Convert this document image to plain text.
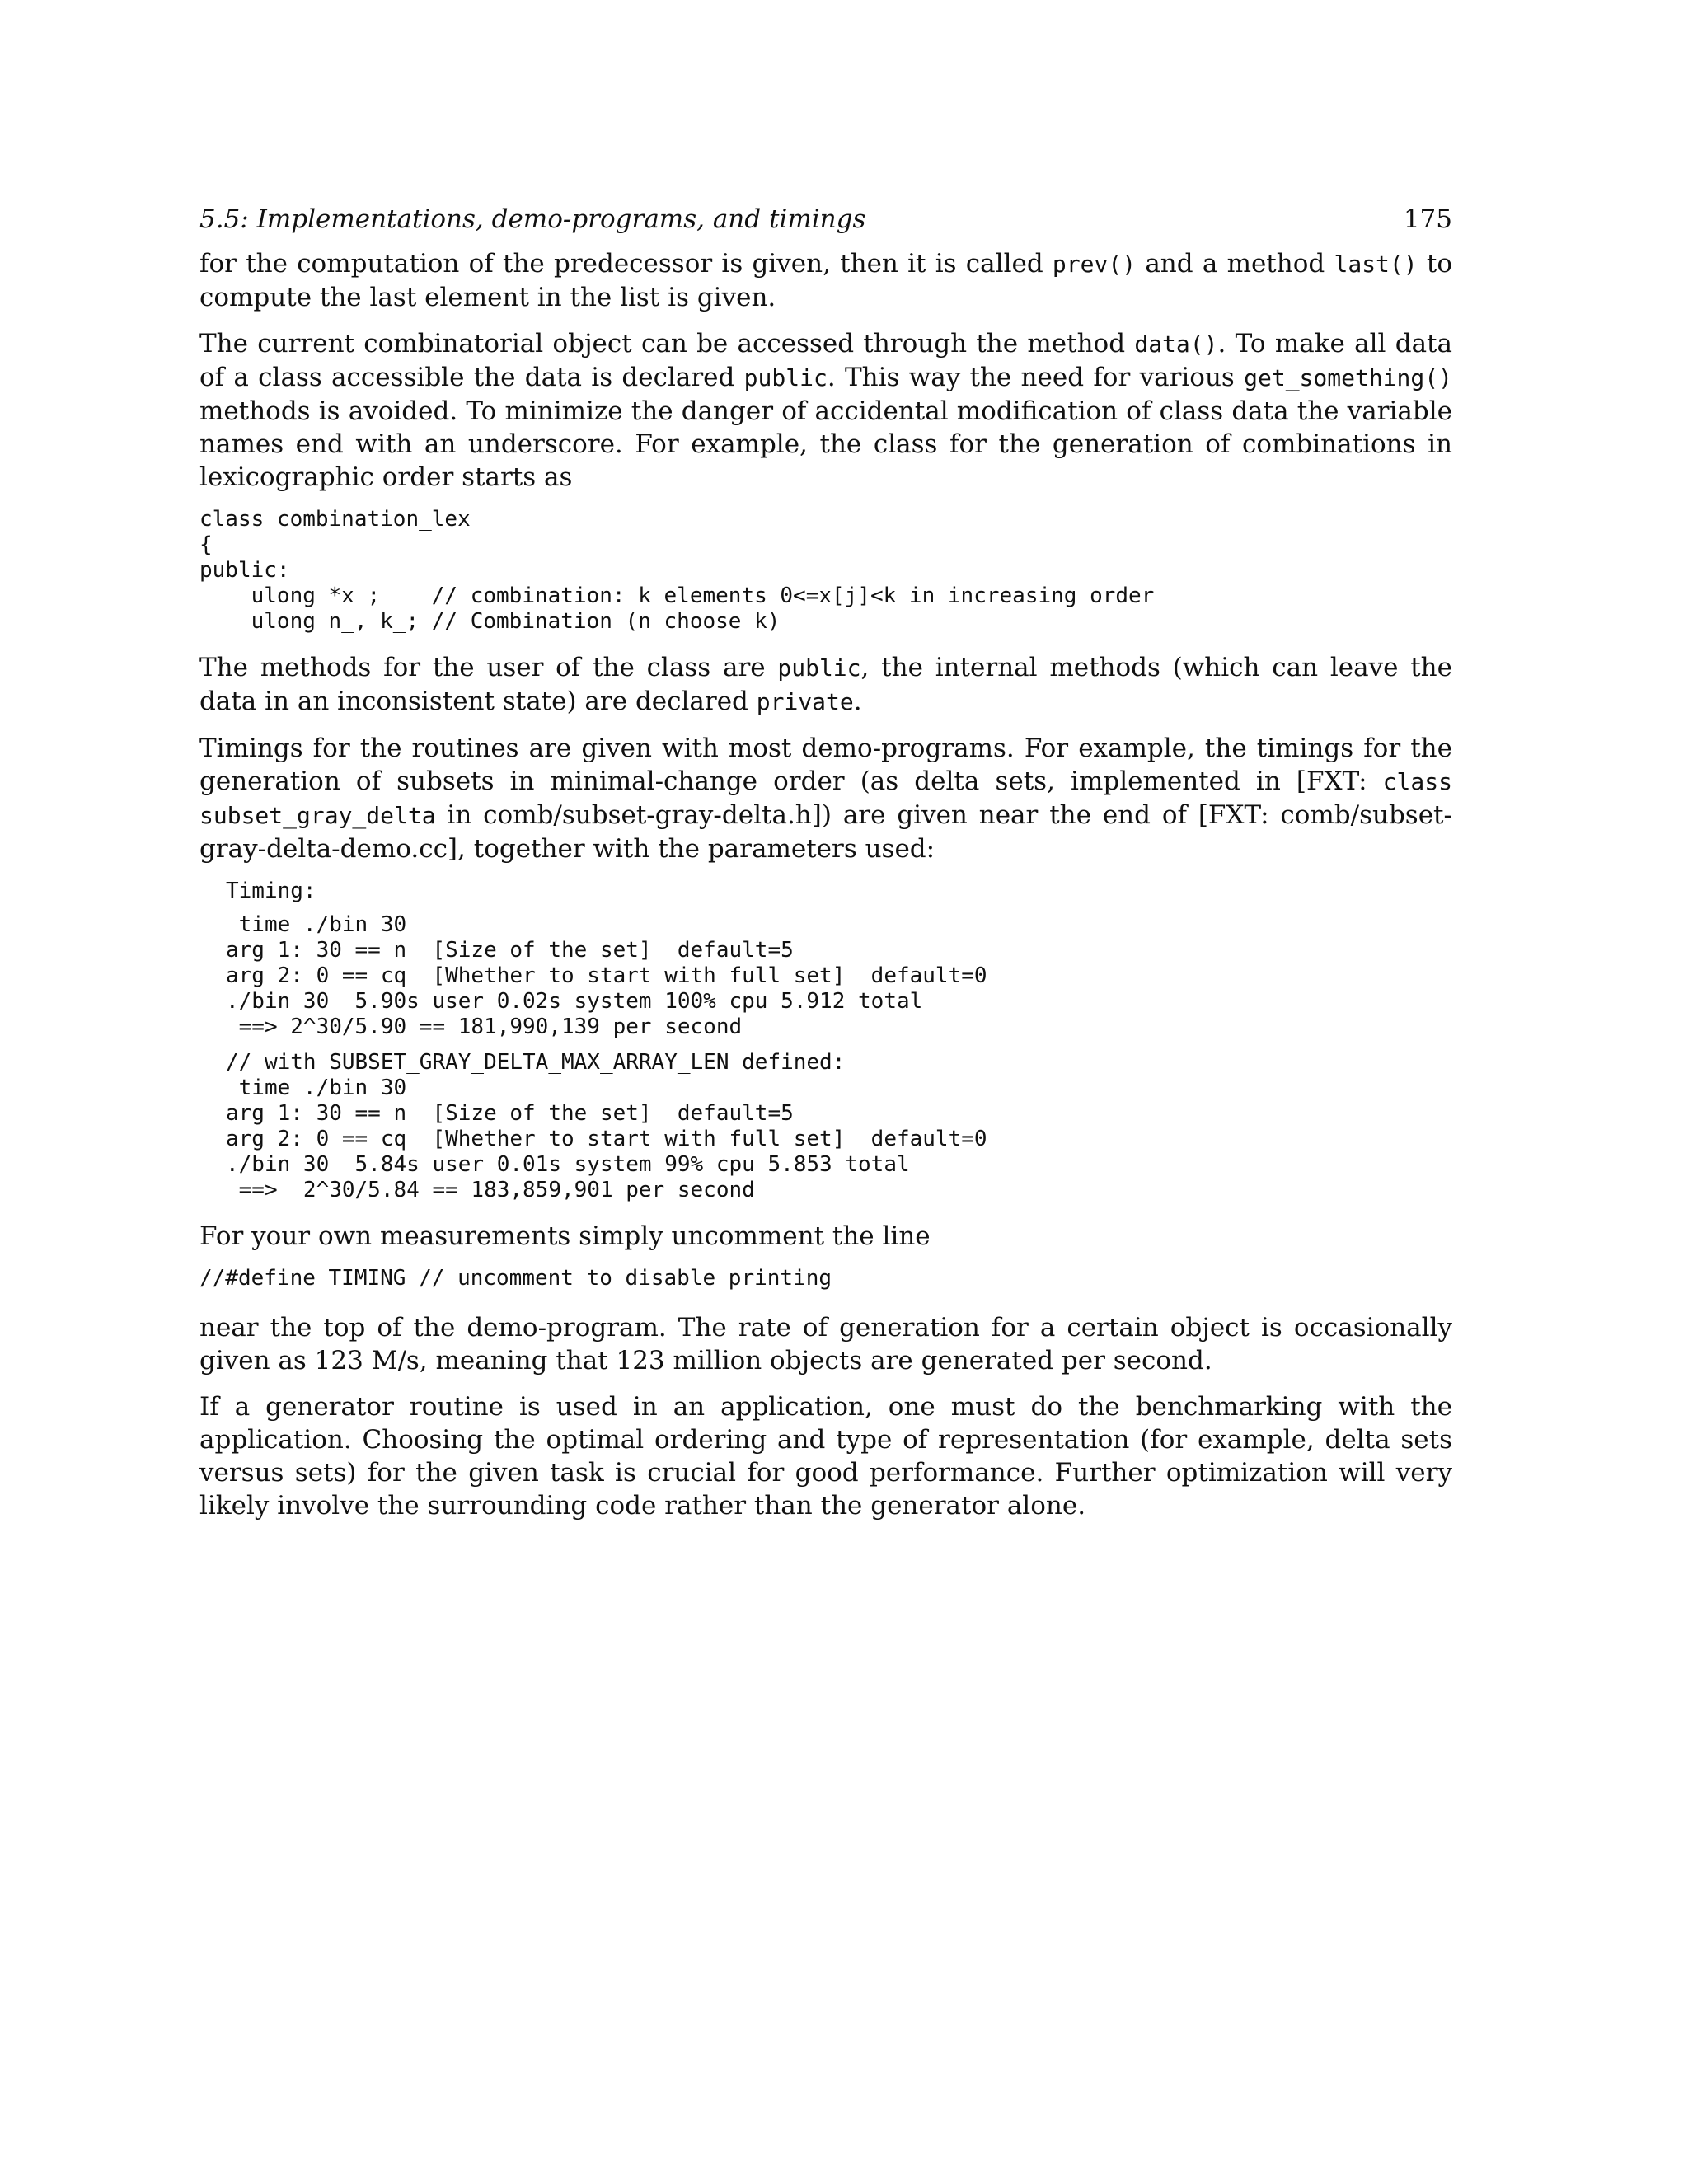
5.5: Implementations, demo-programs, and timings	175

for the computation of the predecessor is given, then it is called prev() and a method last() to compute the last element in the list is given.

The current combinatorial object can be accessed through the method data(). To make all data of a class accessible the data is declared public. This way the need for various get_something() methods is avoided. To minimize the danger of accidental modification of class data the variable names end with an underscore. For example, the class for the generation of combinations in lexicographic order starts as

class combination_lex
{
public:
ulong *x_;    // combination: k elements 0<=x[j]<k in increasing order
ulong n_, k_; // Combination (n choose k)

The methods for the user of the class are public, the internal methods (which can leave the data in an inconsistent state) are declared private.

Timings for the routines are given with most demo-programs. For example, the timings for the generation of subsets in minimal-change order (as delta sets, implemented in [FXT: class subset_gray_delta in comb/subset-gray-delta.h]) are given near the end of [FXT: comb/subset-gray-delta-demo.cc], together with the parameters used:

Timing:
time ./bin 30
arg 1: 30 == n  [Size of the set]  default=5
arg 2: 0 == cq  [Whether to start with full set]  default=0
./bin 30  5.90s user 0.02s system 100% cpu 5.912 total
==> 2^30/5.90 == 181,990,139 per second
// with SUBSET_GRAY_DELTA_MAX_ARRAY_LEN defined:
time ./bin 30
arg 1: 30 == n  [Size of the set]  default=5
arg 2: 0 == cq  [Whether to start with full set]  default=0
./bin 30  5.84s user 0.01s system 99% cpu 5.853 total
==>  2^30/5.84 == 183,859,901 per second

For your own measurements simply uncomment the line

//#define TIMING // uncomment to disable printing

near the top of the demo-program. The rate of generation for a certain object is occasionally given as 123 M/s, meaning that 123 million objects are generated per second.

If a generator routine is used in an application, one must do the benchmarking with the application. Choosing the optimal ordering and type of representation (for example, delta sets versus sets) for the given task is crucial for good performance. Further optimization will very likely involve the surrounding code rather than the generator alone.
